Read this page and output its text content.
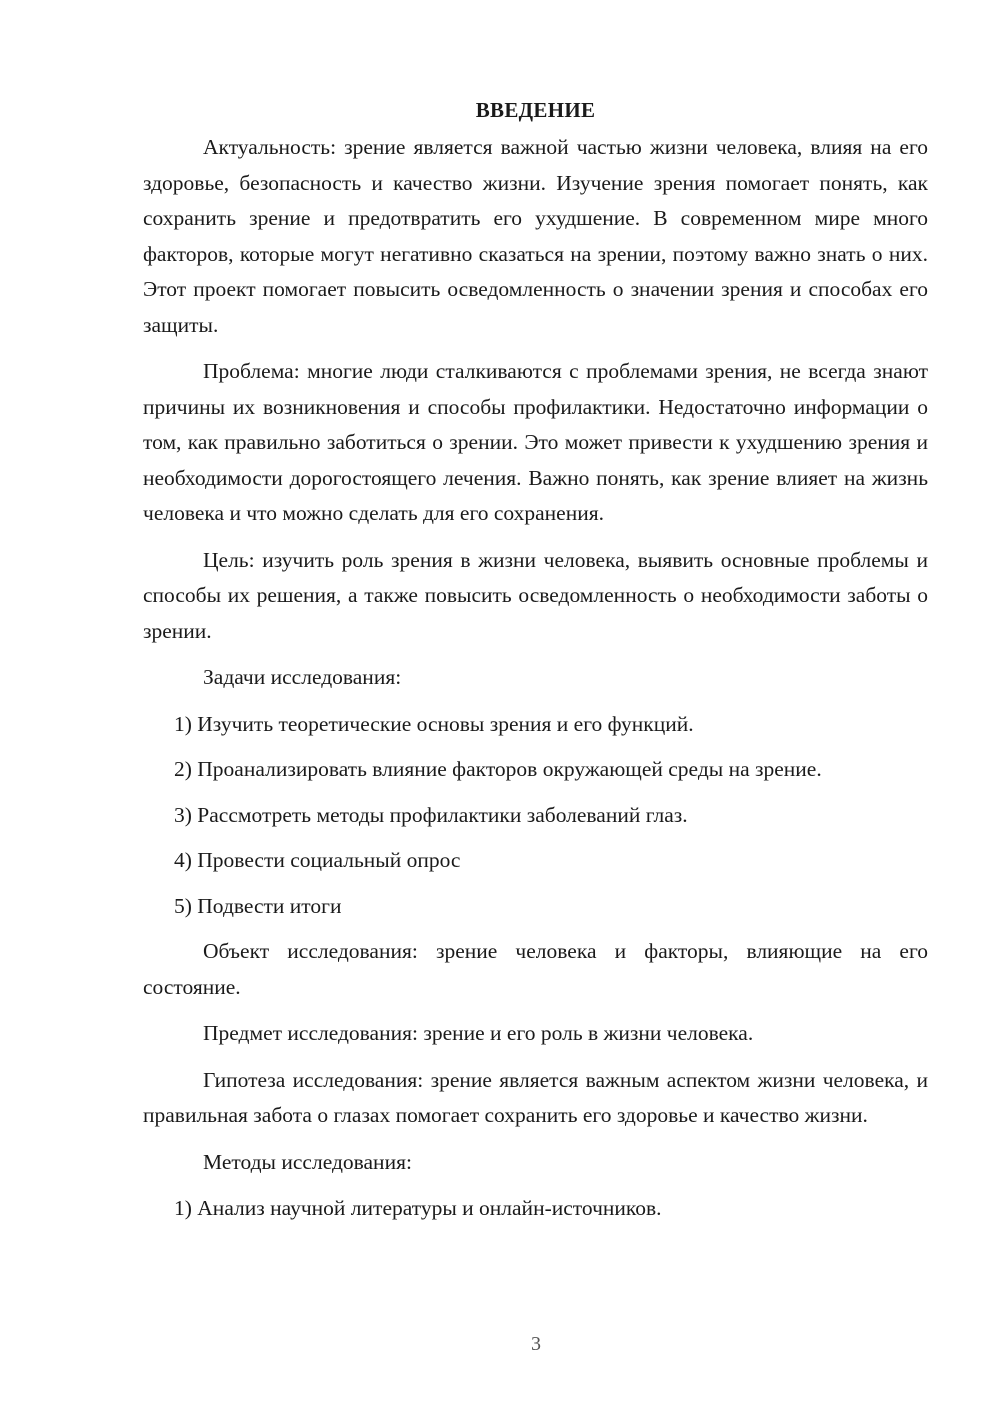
ВВЕДЕНИЕ

Актуальность: зрение является важной частью жизни человека, влияя на его здоровье, безопасность и качество жизни. Изучение зрения помогает понять, как сохранить зрение и предотвратить его ухудшение. В современном мире много факторов, которые могут негативно сказаться на зрении, поэтому важно знать о них. Этот проект помогает повысить осведомленность о значении зрения и способах его защиты.

Проблема: многие люди сталкиваются с проблемами зрения, не всегда знают причины их возникновения и способы профилактики. Недостаточно информации о том, как правильно заботиться о зрении. Это может привести к ухудшению зрения и необходимости дорогостоящего лечения. Важно понять, как зрение влияет на жизнь человека и что можно сделать для его сохранения.

Цель: изучить роль зрения в жизни человека, выявить основные проблемы и способы их решения, а также повысить осведомленность о необходимости заботы о зрении.

Задачи исследования:

1) Изучить теоретические основы зрения и его функций.

2) Проанализировать влияние факторов окружающей среды на зрение.

3) Рассмотреть методы профилактики заболеваний глаз.

4) Провести социальный опрос

5) Подвести итоги

Объект исследования: зрение человека и факторы, влияющие на его состояние.

Предмет исследования: зрение и его роль в жизни человека.

Гипотеза исследования: зрение является важным аспектом жизни человека, и правильная забота о глазах помогает сохранить его здоровье и качество жизни.

Методы исследования:

1) Анализ научной литературы и онлайн-источников.

3
